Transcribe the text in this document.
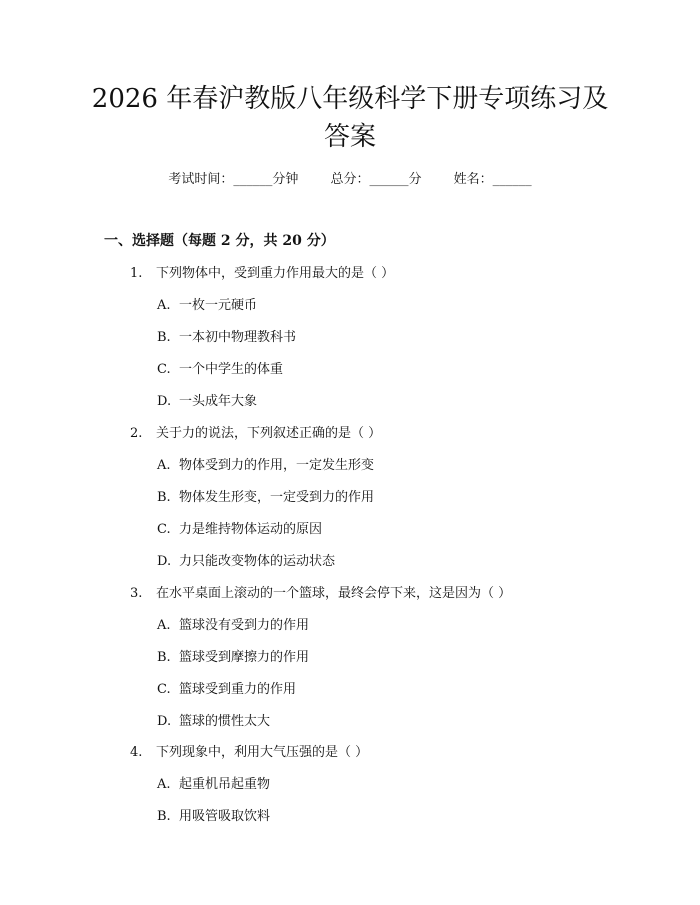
2026 年春沪教版八年级科学下册专项练习及
答案
考试时间：______分钟 总分：______分 姓名：______
一、选择题（每题 2 分，共 20 分）
1. 下列物体中，受到重力作用最大的是（ ）
A. 一枚一元硬币
B. 一本初中物理教科书
C. 一个中学生的体重
D. 一头成年大象
2. 关于力的说法，下列叙述正确的是（ ）
A. 物体受到力的作用，一定发生形变
B. 物体发生形变，一定受到力的作用
C. 力是维持物体运动的原因
D. 力只能改变物体的运动状态
3. 在水平桌面上滚动的一个篮球，最终会停下来，这是因为（ ）
A. 篮球没有受到力的作用
B. 篮球受到摩擦力的作用
C. 篮球受到重力的作用
D. 篮球的惯性太大
4. 下列现象中，利用大气压强的是（ ）
A. 起重机吊起重物
B. 用吸管吸取饮料
